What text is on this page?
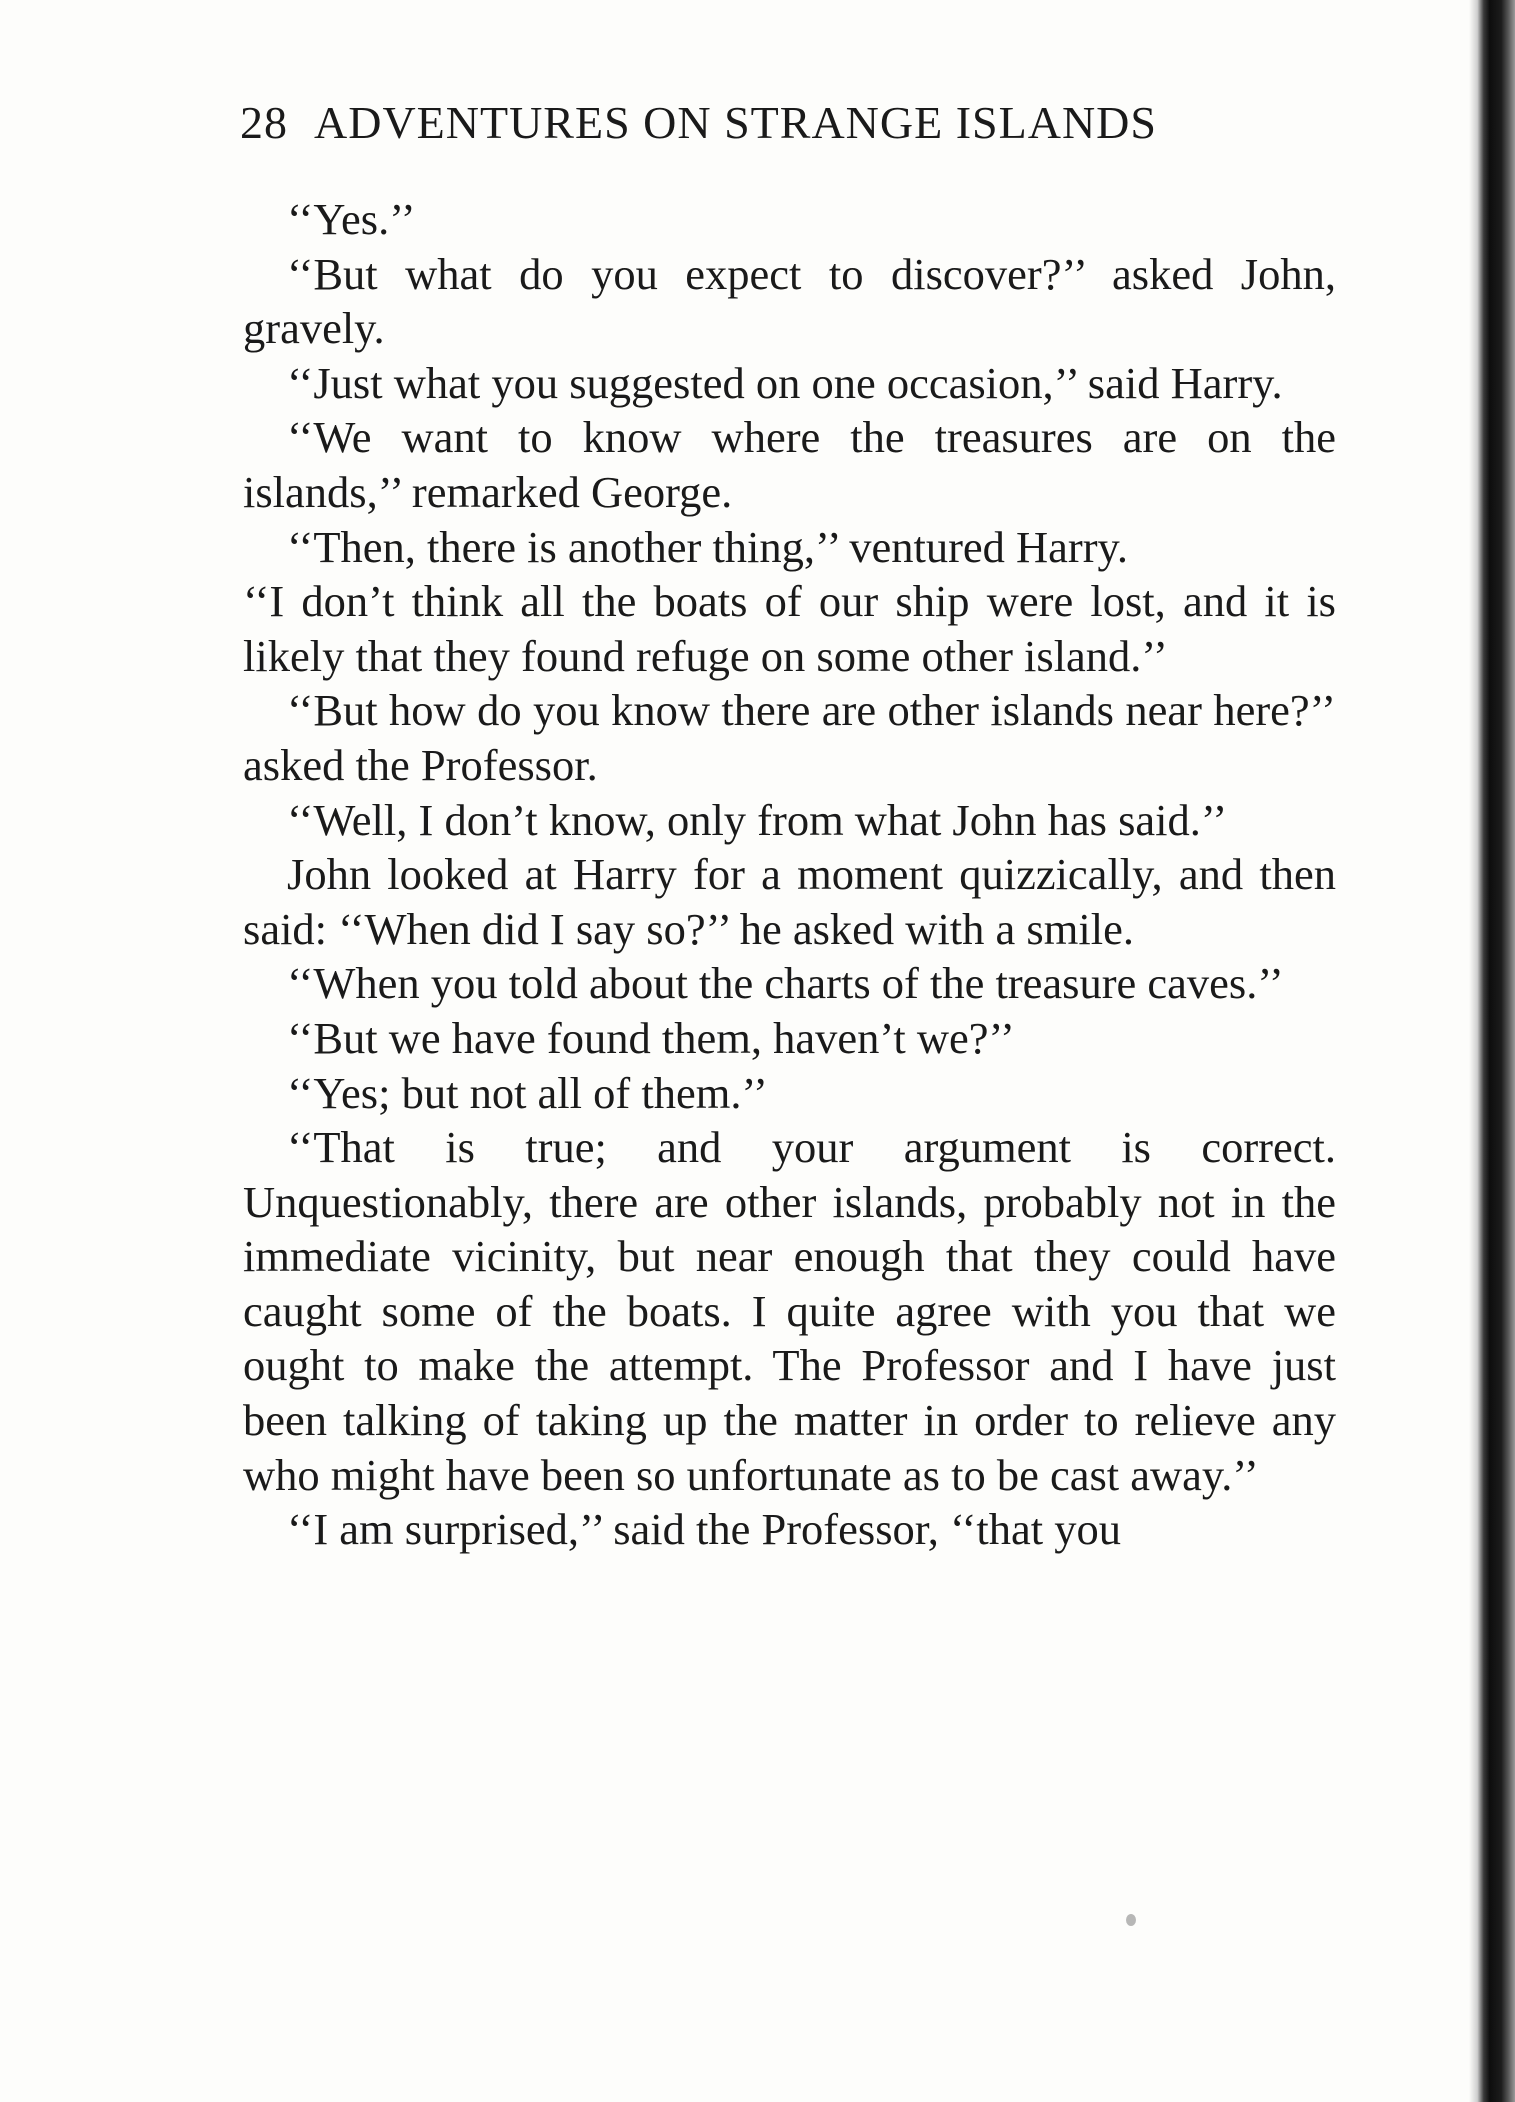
28 ADVENTURES ON STRANGE ISLANDS

‘‘Yes.’’

‘‘But what do you expect to discover?’’ asked John, gravely.

‘‘Just what you suggested on one occasion,’’ said Harry.

‘‘We want to know where the treasures are on the islands,’’ remarked George.

‘‘Then, there is another thing,’’ ventured Harry.

‘‘I don’t think all the boats of our ship were lost, and it is likely that they found refuge on some other island.’’

‘‘But how do you know there are other islands near here?’’ asked the Professor.

‘‘Well, I don’t know, only from what John has said.’’

John looked at Harry for a moment quizzically, and then said: ‘‘When did I say so?’’ he asked with a smile.

‘‘When you told about the charts of the treasure caves.’’

‘‘But we have found them, haven’t we?’’

‘‘Yes; but not all of them.’’

‘‘That is true; and your argument is correct. Unquestionably, there are other islands, probably not in the immediate vicinity, but near enough that they could have caught some of the boats. I quite agree with you that we ought to make the attempt. The Professor and I have just been talking of taking up the matter in order to relieve any who might have been so unfortunate as to be cast away.’’

‘‘I am surprised,’’ said the Professor, ‘‘that you
